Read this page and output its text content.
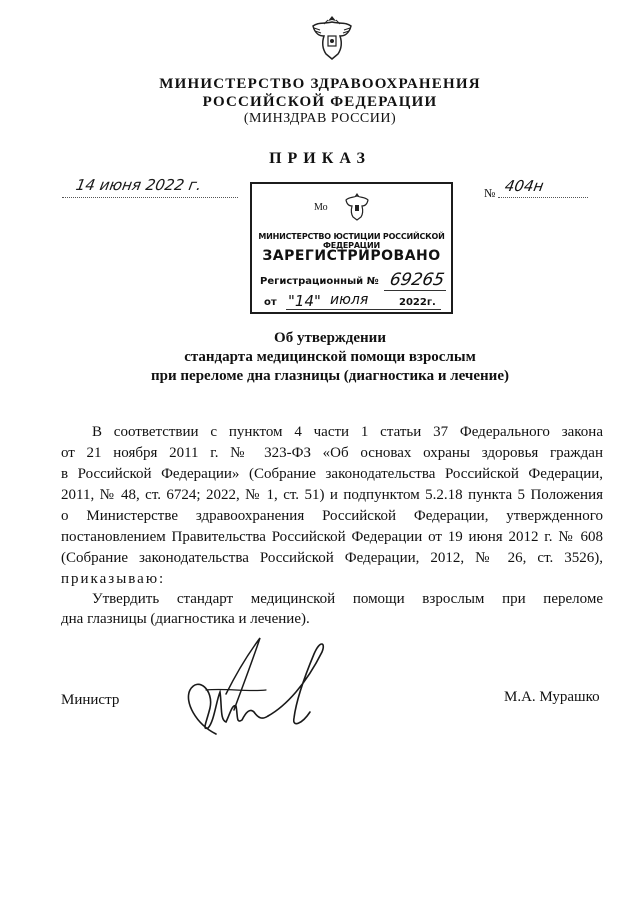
МИНИСТЕРСТВО ЗДРАВООХРАНЕНИЯ
РОССИЙСКОЙ ФЕДЕРАЦИИ
(МИНЗДРАВ РОССИИ)
ПРИКАЗ
14 июня 2022 г.	№ 404н
Мо
МИНИСТЕРСТВО ЮСТИЦИИ РОССИЙСКОЙ ФЕДЕРАЦИИ
ЗАРЕГИСТРИРОВАНО
Регистрационный № 69265
от "14" июля	2022г.
Об утверждении
стандарта медицинской помощи взрослым
при переломе дна глазницы (диагностика и лечение)
В соответствии с пунктом 4 части 1 статьи 37 Федерального закона
от 21 ноября 2011 г. № 323-ФЗ «Об основах охраны здоровья граждан
в Российской Федерации» (Собрание законодательства Российской Федерации,
2011, № 48, ст. 6724; 2022, № 1, ст. 51) и подпунктом 5.2.18 пункта 5 Положения
о Министерстве здравоохранения Российской Федерации, утвержденного
постановлением Правительства Российской Федерации от 19 июня 2012 г. № 608
(Собрание законодательства Российской Федерации, 2012, № 26, ст. 3526),
приказываю:
Утвердить стандарт медицинской помощи взрослым при переломе
дна глазницы (диагностика и лечение).
Министр	М.А. Мурашко
